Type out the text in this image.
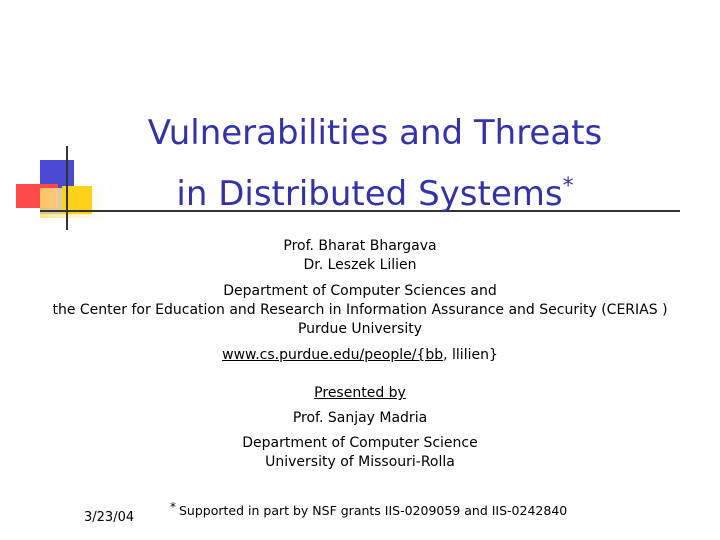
Vulnerabilities and Threats
in Distributed Systems*
Prof. Bharat Bhargava
Dr. Leszek Lilien
Department of Computer Sciences and
the Center for Education and Research in Information Assurance and Security (CERIAS )
Purdue University
www.cs.purdue.edu/people/{bb, llilien}
Presented by
Prof. Sanjay Madria
Department of Computer Science
University of Missouri-Rolla
3/23/04
* Supported in part by NSF grants IIS-0209059 and IIS-0242840
